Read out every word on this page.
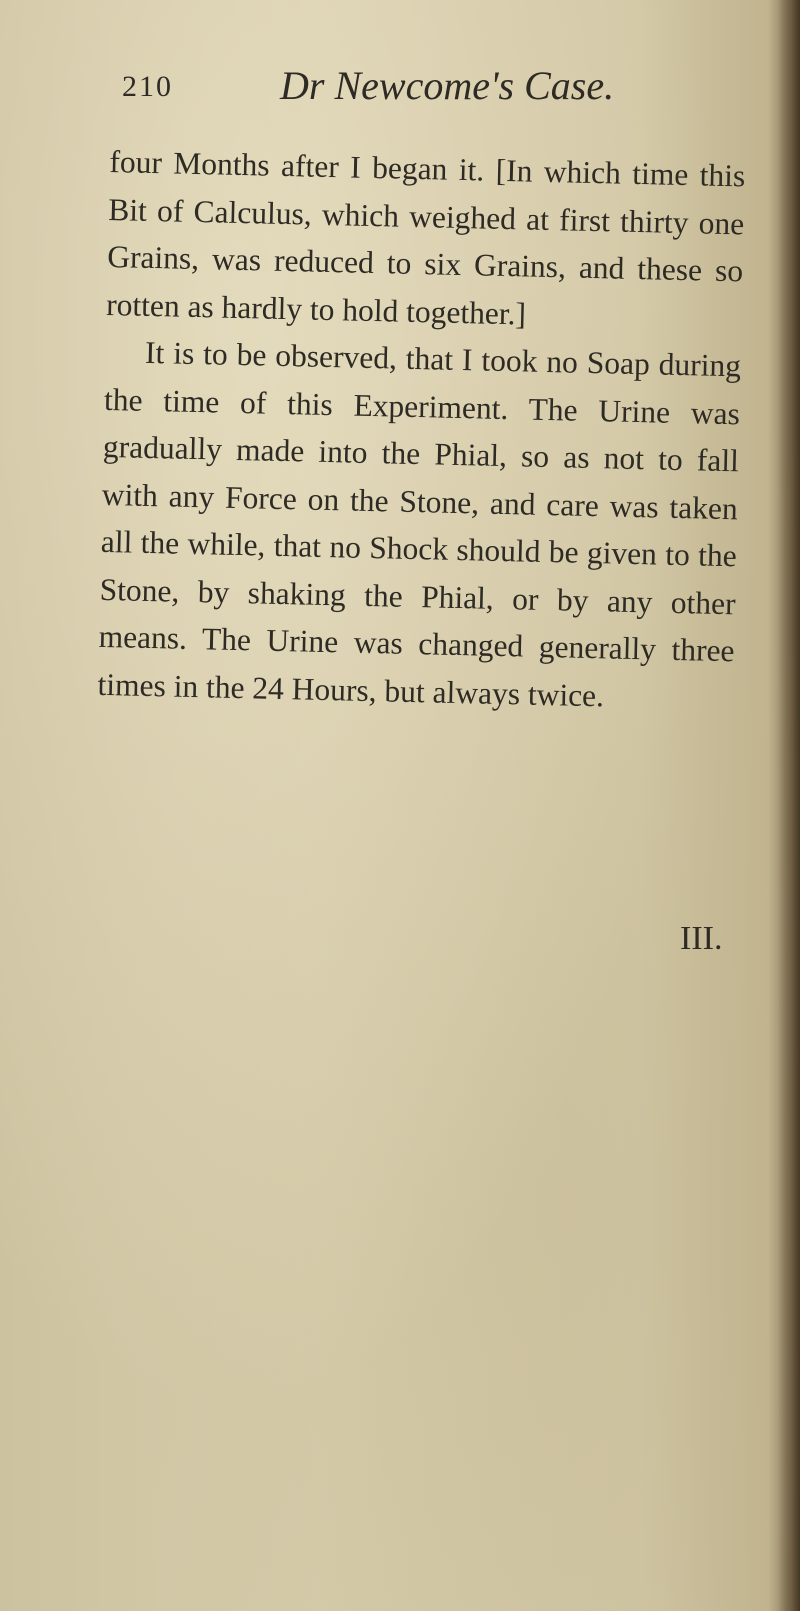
210	Dr Newcome's Case.

four Months after I began it. [In which time this Bit of Calculus, which weighed at first thirty one Grains, was reduced to six Grains, and these so rotten as hardly to hold together.]

It is to be observed, that I took no Soap during the time of this Experiment. The Urine was gradually made into the Phial, so as not to fall with any Force on the Stone, and care was taken all the while, that no Shock should be given to the Stone, by shaking the Phial, or by any other means. The Urine was changed generally three times in the 24 Hours, but always twice.

III.
